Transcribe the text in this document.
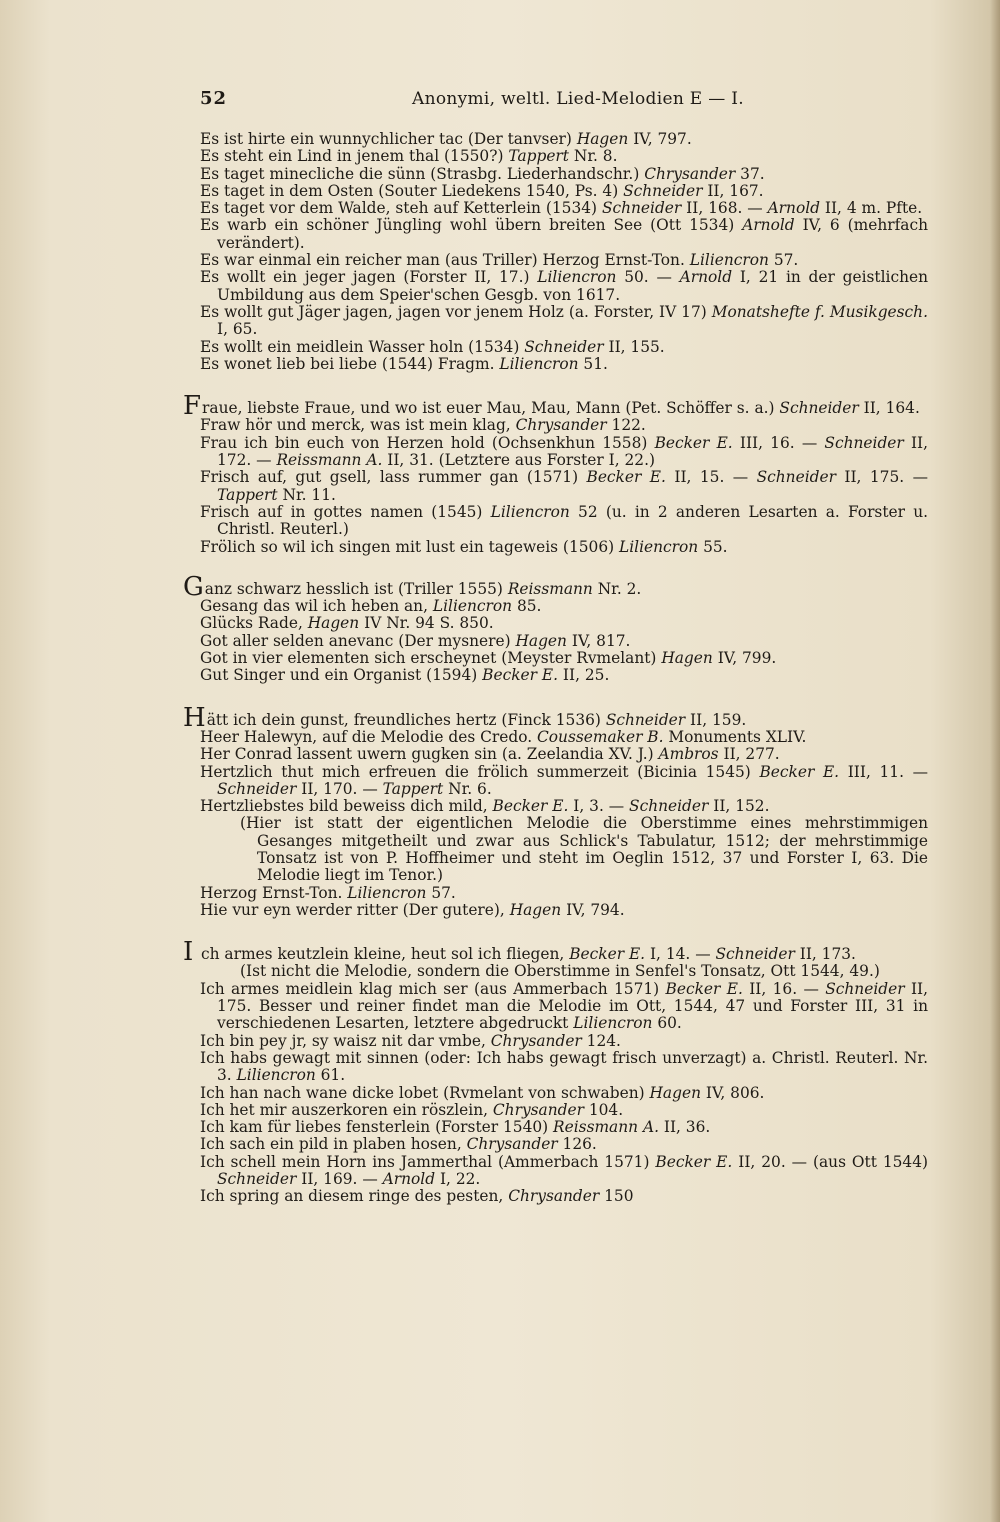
52	Anonymi, weltl. Lied-Melodien E — I.
Es ist hirte ein wunnychlicher tac (Der tanvser) Hagen IV, 797.
Es steht ein Lind in jenem thal (1550?) Tappert Nr. 8.
Es taget minecliche die sünn (Strasbg. Liederhandschr.) Chrysander 37.
Es taget in dem Osten (Souter Liedekens 1540, Ps. 4) Schneider II, 167.
Es taget vor dem Walde, steh auf Ketterlein (1534) Schneider II, 168. — Arnold II, 4 m. Pfte.
Es warb ein schöner Jüngling wohl übern breiten See (Ott 1534) Arnold IV, 6 (mehrfach verändert).
Es war einmal ein reicher man (aus Triller) Herzog Ernst-Ton. Liliencron 57.
Es wollt ein jeger jagen (Forster II, 17.) Liliencron 50. — Arnold I, 21 in der geistlichen Umbildung aus dem Speier'schen Gesgb. von 1617.
Es wollt gut Jäger jagen, jagen vor jenem Holz (a. Forster, IV 17) Monatshefte f. Musikgesch. I, 65.
Es wollt ein meidlein Wasser holn (1534) Schneider II, 155.
Es wonet lieb bei liebe (1544) Fragm. Liliencron 51.
Fraue, liebste Fraue, und wo ist euer Mau, Mau, Mann (Pet. Schöffer s. a.) Schneider II, 164.
Fraw hör und merck, was ist mein klag, Chrysander 122.
Frau ich bin euch von Herzen hold (Ochsenkhun 1558) Becker E. III, 16. — Schneider II, 172. — Reissmann A. II, 31. (Letztere aus Forster I, 22.)
Frisch auf, gut gsell, lass rummer gan (1571) Becker E. II, 15. — Schneider II, 175. — Tappert Nr. 11.
Frisch auf in gottes namen (1545) Liliencron 52 (u. in 2 anderen Lesarten a. Forster u. Christl. Reuterl.)
Frölich so wil ich singen mit lust ein tageweis (1506) Liliencron 55.
Ganz schwarz hesslich ist (Triller 1555) Reissmann Nr. 2.
Gesang das wil ich heben an, Liliencron 85.
Glücks Rade, Hagen IV Nr. 94 S. 850.
Got aller selden anevanc (Der mysnere) Hagen IV, 817.
Got in vier elementen sich erscheynet (Meyster Rvmelant) Hagen IV, 799.
Gut Singer und ein Organist (1594) Becker E. II, 25.
Hätt ich dein gunst, freundliches hertz (Finck 1536) Schneider II, 159.
Heer Halewyn, auf die Melodie des Credo. Coussemaker B. Monuments XLIV.
Her Conrad lassent uwern gugken sin (a. Zeelandia XV. J.) Ambros II, 277.
Hertzlich thut mich erfreuen die frölich summerzeit (Bicinia 1545) Becker E. III, 11. — Schneider II, 170. — Tappert Nr. 6.
Hertzliebstes bild beweiss dich mild, Becker E. I, 3. — Schneider II, 152.
(Hier ist statt der eigentlichen Melodie die Oberstimme eines mehrstimmigen Gesanges mitgetheilt und zwar aus Schlick's Tabulatur, 1512; der mehrstimmige Tonsatz ist von P. Hoffheimer und steht im Oeglin 1512, 37 und Forster I, 63. Die Melodie liegt im Tenor.)
Herzog Ernst-Ton. Liliencron 57.
Hie vur eyn werder ritter (Der gutere), Hagen IV, 794.
Ich armes keutzlein kleine, heut sol ich fliegen, Becker E. I, 14. — Schneider II, 173.
(Ist nicht die Melodie, sondern die Oberstimme in Senfel's Tonsatz, Ott 1544, 49.)
Ich armes meidlein klag mich ser (aus Ammerbach 1571) Becker E. II, 16. — Schneider II, 175. Besser und reiner findet man die Melodie im Ott, 1544, 47 und Forster III, 31 in verschiedenen Lesarten, letztere abgedruckt Liliencron 60.
Ich bin pey jr, sy waisz nit dar vmbe, Chrysander 124.
Ich habs gewagt mit sinnen (oder: Ich habs gewagt frisch unverzagt) a. Christl. Reuterl. Nr. 3. Liliencron 61.
Ich han nach wane dicke lobet (Rvmelant von schwaben) Hagen IV, 806.
Ich het mir auszerkoren ein röszlein, Chrysander 104.
Ich kam für liebes fensterlein (Forster 1540) Reissmann A. II, 36.
Ich sach ein pild in plaben hosen, Chrysander 126.
Ich schell mein Horn ins Jammerthal (Ammerbach 1571) Becker E. II, 20. — (aus Ott 1544) Schneider II, 169. — Arnold I, 22.
Ich spring an diesem ringe des pesten, Chrysander 150
